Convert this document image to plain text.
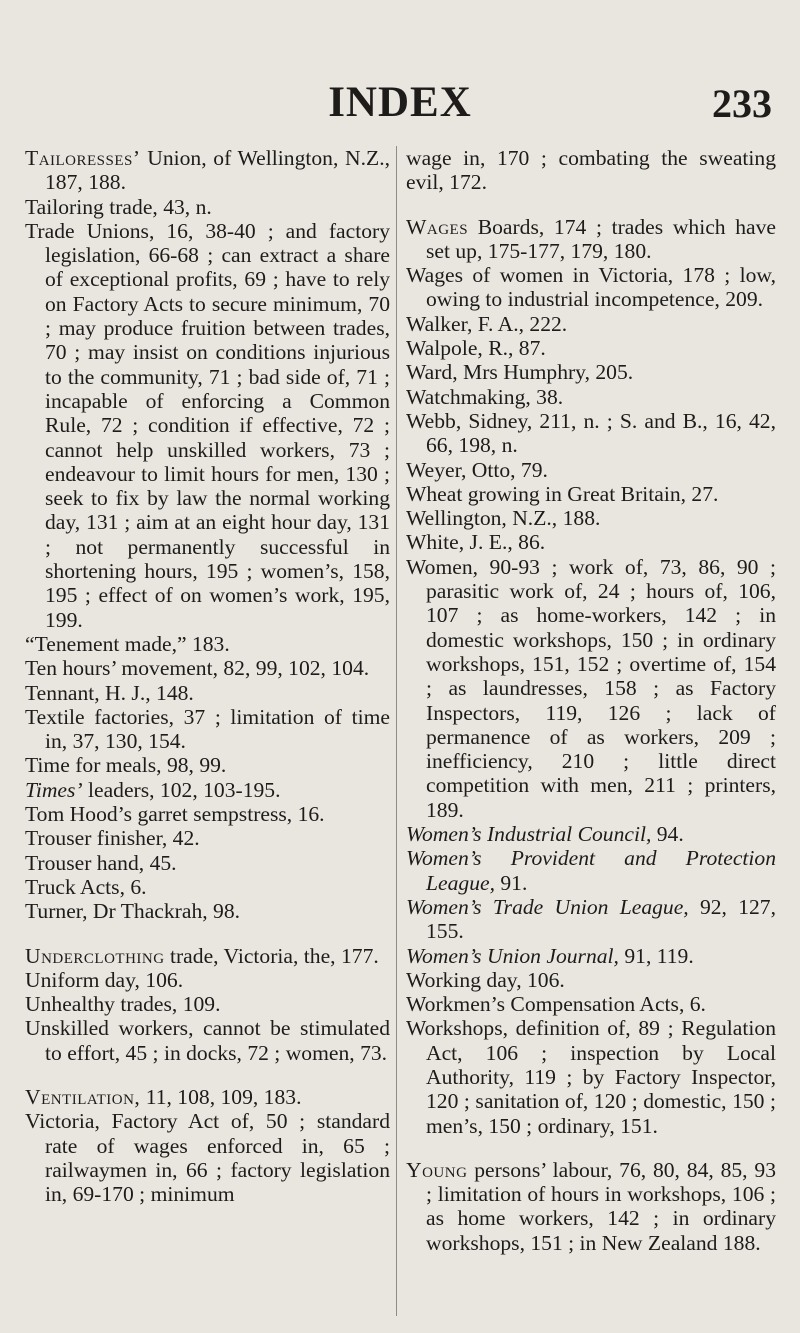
INDEX	233

Tailoresses’ Union, of Wellington, N.Z., 187, 188.

Tailoring trade, 43, n.

Trade Unions, 16, 38-40 ; and factory legislation, 66-68 ; can extract a share of exceptional profits, 69 ; have to rely on Factory Acts to secure minimum, 70 ; may produce fruition between trades, 70 ; may insist on conditions injurious to the community, 71 ; bad side of, 71 ; incapable of enforcing a Common Rule, 72 ; condition if effective, 72 ; cannot help unskilled workers, 73 ; endeavour to limit hours for men, 130 ; seek to fix by law the normal working day, 131 ; aim at an eight hour day, 131 ; not permanently successful in shortening hours, 195 ; women’s, 158, 195 ; effect of on women’s work, 195, 199.

“Tenement made,” 183.

Ten hours’ movement, 82, 99, 102, 104.

Tennant, H. J., 148.

Textile factories, 37 ; limitation of time in, 37, 130, 154.

Time for meals, 98, 99.

Times’ leaders, 102, 103-195.

Tom Hood’s garret sempstress, 16.

Trouser finisher, 42.

Trouser hand, 45.

Truck Acts, 6.

Turner, Dr Thackrah, 98.

Underclothing trade, Victoria, the, 177.

Uniform day, 106.

Unhealthy trades, 109.

Unskilled workers, cannot be stimulated to effort, 45 ; in docks, 72 ; women, 73.

Ventilation, 11, 108, 109, 183.

Victoria, Factory Act of, 50 ; standard rate of wages enforced in, 65 ; railwaymen in, 66 ; factory legislation in, 69-170 ; minimum

wage in, 170 ; combating the sweating evil, 172.

Wages Boards, 174 ; trades which have set up, 175-177, 179, 180.

Wages of women in Victoria, 178 ; low, owing to industrial incompetence, 209.

Walker, F. A., 222.

Walpole, R., 87.

Ward, Mrs Humphry, 205.

Watchmaking, 38.

Webb, Sidney, 211, n. ; S. and B., 16, 42, 66, 198, n.

Weyer, Otto, 79.

Wheat growing in Great Britain, 27.

Wellington, N.Z., 188.

White, J. E., 86.

Women, 90-93 ; work of, 73, 86, 90 ; parasitic work of, 24 ; hours of, 106, 107 ; as home-workers, 142 ; in domestic workshops, 150 ; in ordinary workshops, 151, 152 ; overtime of, 154 ; as laundresses, 158 ; as Factory Inspectors, 119, 126 ; lack of permanence of as workers, 209 ; inefficiency, 210 ; little direct competition with men, 211 ; printers, 189.

Women’s Industrial Council, 94.

Women’s Provident and Protection League, 91.

Women’s Trade Union League, 92, 127, 155.

Women’s Union Journal, 91, 119.

Working day, 106.

Workmen’s Compensation Acts, 6.

Workshops, definition of, 89 ; Regulation Act, 106 ; inspection by Local Authority, 119 ; by Factory Inspector, 120 ; sanitation of, 120 ; domestic, 150 ; men’s, 150 ; ordinary, 151.

Young persons’ labour, 76, 80, 84, 85, 93 ; limitation of hours in workshops, 106 ; as home workers, 142 ; in ordinary workshops, 151 ; in New Zealand 188.
